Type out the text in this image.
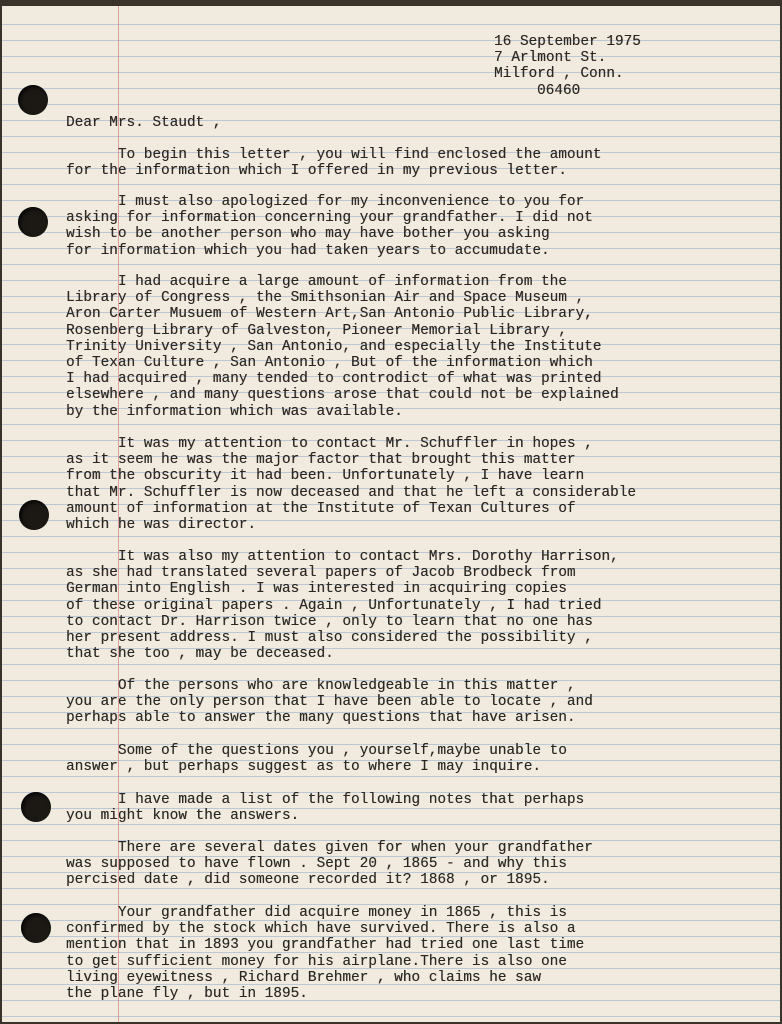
16 September 1975
7 Arlmont St.
Milford , Conn.
06460

Dear Mrs. Staudt ,

To begin this letter , you will find enclosed the amount
for the information which I offered in my previous letter.

I must also apologized for my inconvenience to you for
asking for information concerning your grandfather. I did not
wish to be another person who may have bother you asking
for information which you had taken years to accumudate.

I had acquire a large amount of information from the
Library of Congress , the Smithsonian Air and Space Museum ,
Aron Carter Musuem of Western Art,San Antonio Public Library,
Rosenberg Library of Galveston, Pioneer Memorial Library ,
Trinity University , San Antonio, and especially the Institute
of Texan Culture , San Antonio , But of the information which
I had acquired , many tended to controdict of what was printed
elsewhere , and many questions arose that could not be explained
by the information which was available.

It was my attention to contact Mr. Schuffler in hopes ,
as it seem he was the major factor that brought this matter
from the obscurity it had been. Unfortunately , I have learn
that Mr. Schuffler is now deceased and that he left a considerable
amount of information at the Institute of Texan Cultures of
which he was director.

It was also my attention to contact Mrs. Dorothy Harrison,
as she had translated several papers of Jacob Brodbeck from
German into English . I was interested in acquiring copies
of these original papers . Again , Unfortunately , I had tried
to contact Dr. Harrison twice , only to learn that no one has
her present address. I must also considered the possibility ,
that she too , may be deceased.

Of the persons who are knowledgeable in this matter ,
you are the only person that I have been able to locate , and
perhaps able to answer the many questions that have arisen.

Some of the questions you , yourself,maybe unable to
answer , but perhaps suggest as to where I may inquire.

I have made a list of the following notes that perhaps
you might know the answers.

There are several dates given for when your grandfather
was supposed to have flown . Sept 20 , 1865 - and why this
percised date , did someone recorded it? 1868 , or 1895.

Your grandfather did acquire money in 1865 , this is
confirmed by the stock which have survived. There is also a
mention that in 1893 you grandfather had tried one last time
to get sufficient money for his airplane.There is also one
living eyewitness , Richard Brehmer , who claims he saw
the plane fly , but in 1895.
